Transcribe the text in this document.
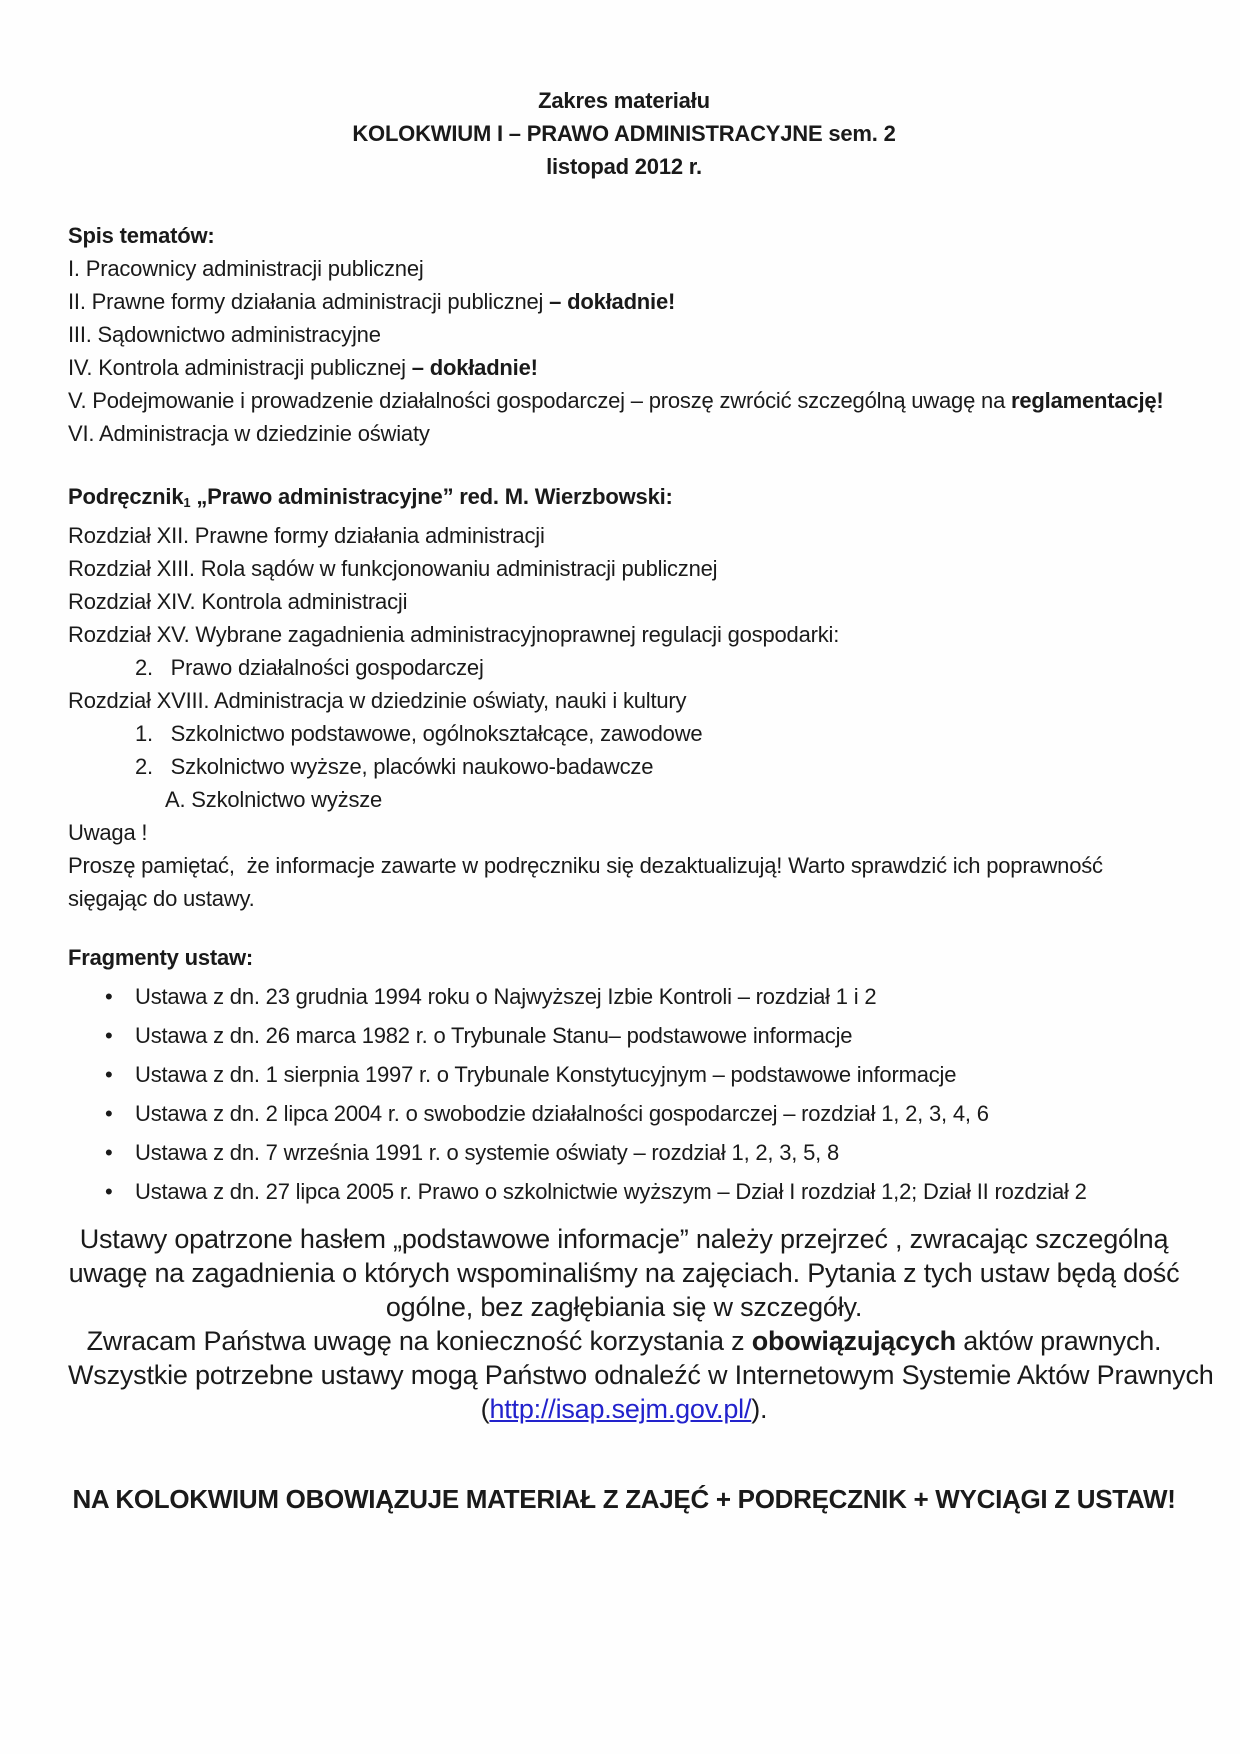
Zakres materiału
KOLOKWIUM I – PRAWO ADMINISTRACYJNE sem. 2
listopad 2012 r.
Spis tematów:
I. Pracownicy administracji publicznej
II. Prawne formy działania administracji publicznej – dokładnie!
III. Sądownictwo administracyjne
IV. Kontrola administracji publicznej – dokładnie!
V. Podejmowanie i prowadzenie działalności gospodarczej – proszę zwrócić szczególną uwagę na reglamentację!
VI. Administracja w dziedzinie oświaty
Podręcznik$_1$ „Prawo administracyjne” red. M. Wierzbowski:
Rozdział XII. Prawne formy działania administracji
Rozdział XIII. Rola sądów w funkcjonowaniu administracji publicznej
Rozdział XIV. Kontrola administracji
Rozdział XV. Wybrane zagadnienia administracyjnoprawnej regulacji gospodarki:
2.   Prawo działalności gospodarczej
Rozdział XVIII. Administracja w dziedzinie oświaty, nauki i kultury
1.   Szkolnictwo podstawowe, ogólnokształcące, zawodowe
2.   Szkolnictwo wyższe, placówki naukowo-badawcze
A. Szkolnictwo wyższe
Uwaga !
Proszę pamiętać,  że informacje zawarte w podręczniku się dezaktualizują! Warto sprawdzić ich poprawność sięgając do ustawy.
Fragmenty ustaw:
•	Ustawa z dn. 23 grudnia 1994 roku o Najwyższej Izbie Kontroli – rozdział 1 i 2
•	Ustawa z dn. 26 marca 1982 r. o Trybunale Stanu– podstawowe informacje
•	Ustawa z dn. 1 sierpnia 1997 r. o Trybunale Konstytucyjnym – podstawowe informacje
•	Ustawa z dn. 2 lipca 2004 r. o swobodzie działalności gospodarczej – rozdział 1, 2, 3, 4, 6
•	Ustawa z dn. 7 września 1991 r. o systemie oświaty – rozdział 1, 2, 3, 5, 8
•	Ustawa z dn. 27 lipca 2005 r. Prawo o szkolnictwie wyższym – Dział I rozdział 1,2; Dział II rozdział 2
Ustawy opatrzone hasłem „podstawowe informacje” należy przejrzeć , zwracając szczególną uwagę na zagadnienia o których wspominaliśmy na zajęciach. Pytania z tych ustaw będą dość ogólne, bez zagłębiania się w szczegóły.
Zwracam Państwa uwagę na konieczność korzystania z obowiązujących aktów prawnych.
Wszystkie potrzebne ustawy mogą Państwo odnaleźć w Internetowym Systemie Aktów Prawnych
(http://isap.sejm.gov.pl/).
NA KOLOKWIUM OBOWIĄZUJE MATERIAŁ Z ZAJĘĆ + PODRĘCZNIK + WYCIĄGI Z USTAW!
